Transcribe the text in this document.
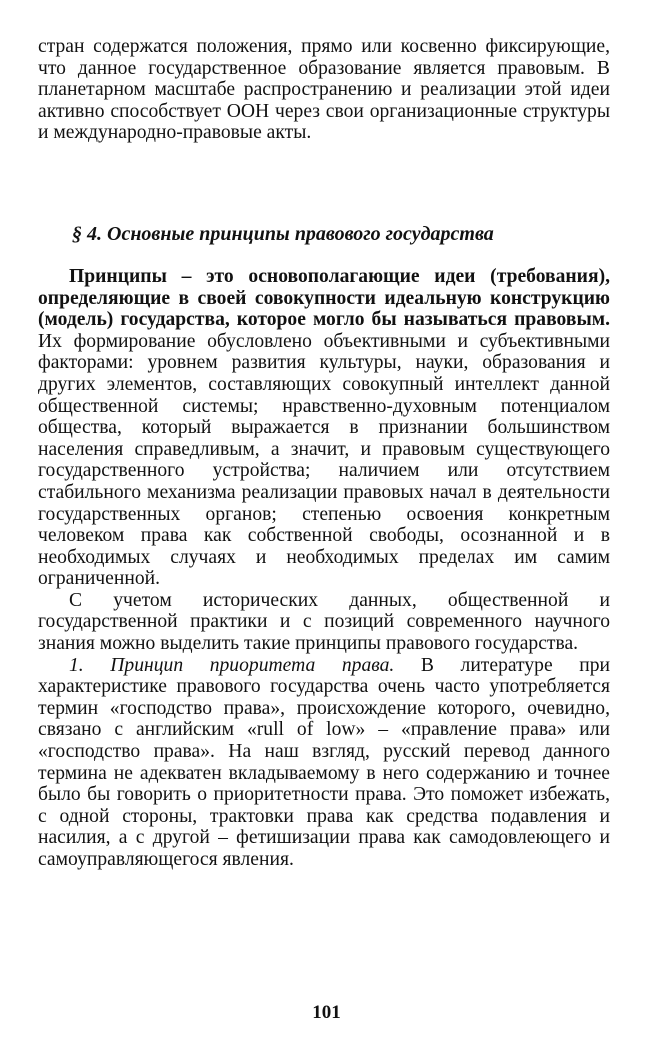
стран содержатся положения, прямо или косвенно фиксирующие, что данное государственное образование является правовым. В планетарном масштабе распространению и реализации этой идеи активно способствует ООН через свои организационные структуры и международно-правовые акты.

§ 4. Основные принципы правового государства

Принципы – это основополагающие идеи (требования), определяющие в своей совокупности идеальную конструкцию (модель) государства, которое могло бы называться правовым. Их формирование обусловлено объективными и субъективными факторами: уровнем развития культуры, науки, образования и других элементов, составляющих совокупный интеллект данной общественной системы; нравственно-духовным потенциалом общества, который выражается в признании большинством населения справедливым, а значит, и правовым существующего государственного устройства; наличием или отсутствием стабильного механизма реализации правовых начал в деятельности государственных органов; степенью освоения конкретным человеком права как собственной свободы, осознанной и в необходимых случаях и необходимых пределах им самим ограниченной.

С учетом исторических данных, общественной и государственной практики и с позиций современного научного знания можно выделить такие принципы правового государства.

1. Принцип приоритета права. В литературе при характеристике правового государства очень часто употребляется термин «господство права», происхождение которого, очевидно, связано с английским «rull of low» – «правление права» или «господство права». На наш взгляд, русский перевод данного термина не адекватен вкладываемому в него содержанию и точнее было бы говорить о приоритетности права. Это поможет избежать, с одной стороны, трактовки права как средства подавления и насилия, а с другой – фетишизации права как самодовлеющего и самоуправляющегося явления.

101
